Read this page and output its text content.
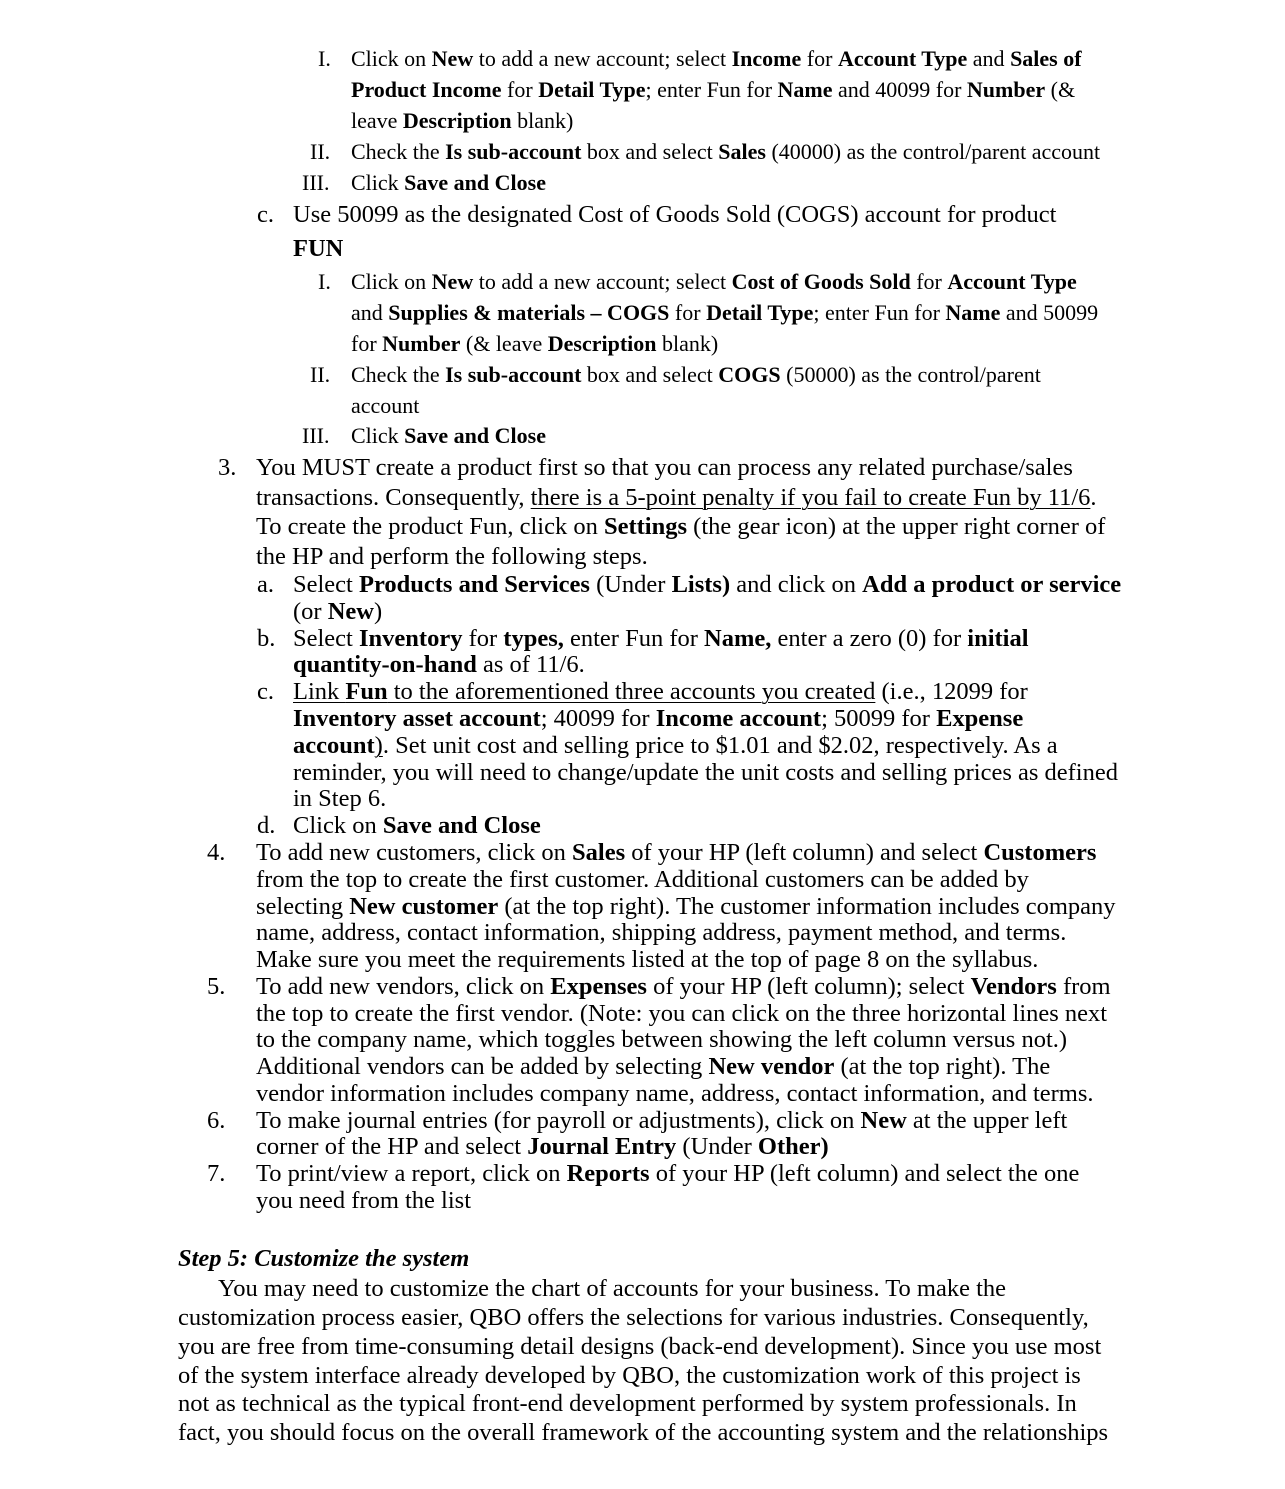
I. Click on New to add a new account; select Income for Account Type and Sales of
Product Income for Detail Type; enter Fun for Name and 40099 for Number (&
leave Description blank)
II. Check the Is sub-account box and select Sales (40000) as the control/parent account
III. Click Save and Close
c. Use 50099 as the designated Cost of Goods Sold (COGS) account for product
FUN
I. Click on New to add a new account; select Cost of Goods Sold for Account Type
and Supplies & materials – COGS for Detail Type; enter Fun for Name and 50099
for Number (& leave Description blank)
II. Check the Is sub-account box and select COGS (50000) as the control/parent
account
III. Click Save and Close
3. You MUST create a product first so that you can process any related purchase/sales
transactions. Consequently, there is a 5-point penalty if you fail to create Fun by 11/6.
To create the product Fun, click on Settings (the gear icon) at the upper right corner of
the HP and perform the following steps.
a. Select Products and Services (Under Lists) and click on Add a product or service
(or New)
b. Select Inventory for types, enter Fun for Name, enter a zero (0) for initial
quantity-on-hand as of 11/6.
c. Link Fun to the aforementioned three accounts you created (i.e., 12099 for
Inventory asset account; 40099 for Income account; 50099 for Expense
account). Set unit cost and selling price to $1.01 and $2.02, respectively. As a
reminder, you will need to change/update the unit costs and selling prices as defined
in Step 6.
d. Click on Save and Close
4. To add new customers, click on Sales of your HP (left column) and select Customers
from the top to create the first customer. Additional customers can be added by
selecting New customer (at the top right). The customer information includes company
name, address, contact information, shipping address, payment method, and terms.
Make sure you meet the requirements listed at the top of page 8 on the syllabus.
5. To add new vendors, click on Expenses of your HP (left column); select Vendors from
the top to create the first vendor. (Note: you can click on the three horizontal lines next
to the company name, which toggles between showing the left column versus not.)
Additional vendors can be added by selecting New vendor (at the top right). The
vendor information includes company name, address, contact information, and terms.
6. To make journal entries (for payroll or adjustments), click on New at the upper left
corner of the HP and select Journal Entry (Under Other)
7. To print/view a report, click on Reports of your HP (left column) and select the one
you need from the list
Step 5: Customize the system
You may need to customize the chart of accounts for your business. To make the
customization process easier, QBO offers the selections for various industries. Consequently,
you are free from time-consuming detail designs (back-end development). Since you use most
of the system interface already developed by QBO, the customization work of this project is
not as technical as the typical front-end development performed by system professionals. In
fact, you should focus on the overall framework of the accounting system and the relationships
